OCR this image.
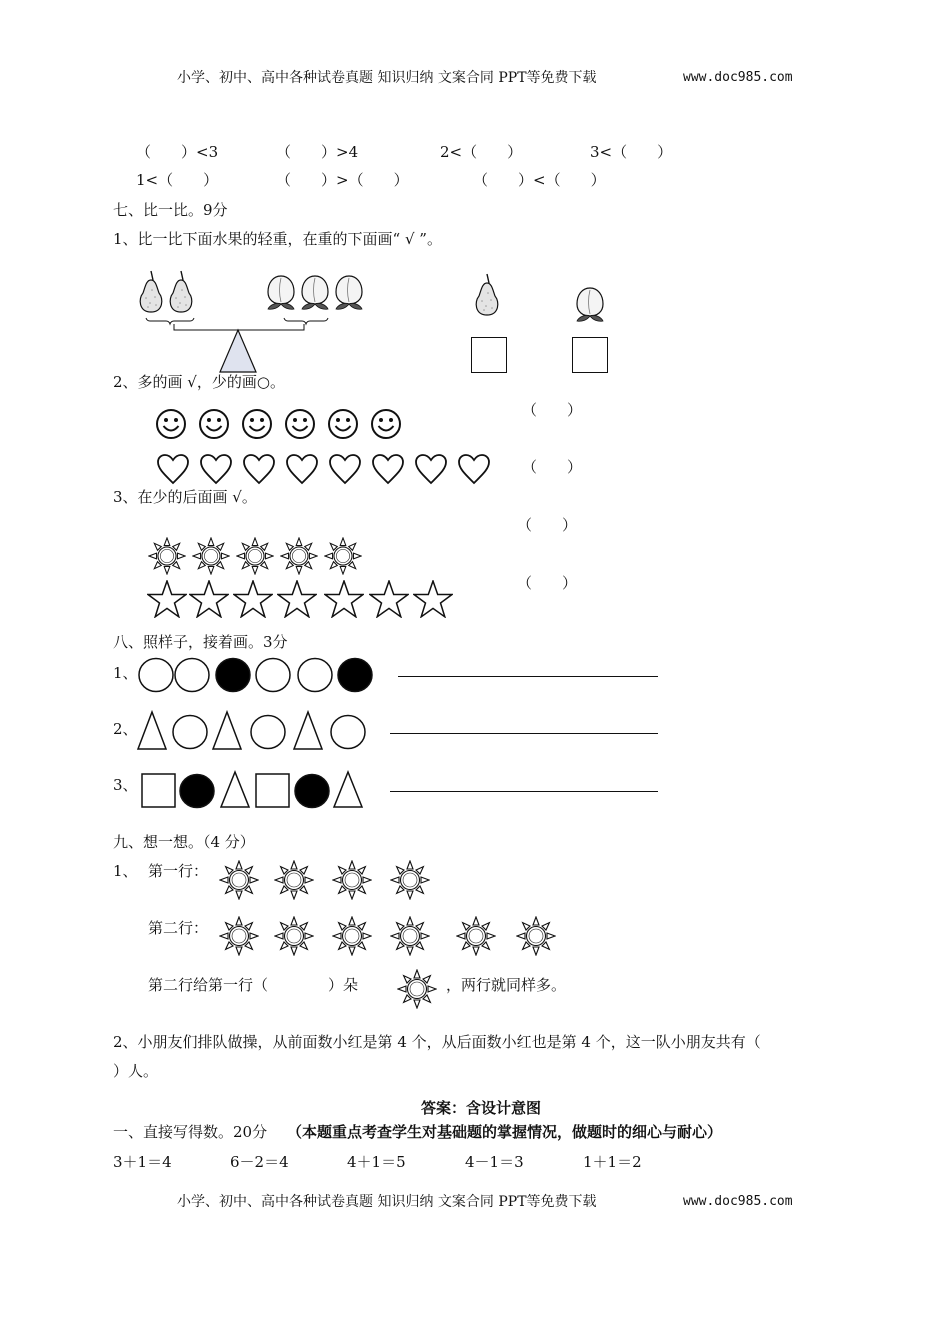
小学、初中、高中各种试卷真题 知识归纳 文案合同 PPT等免费下载	www.doc985.com
（　　）<3	（　　）>4	2<（　　）	3<（　　）
1<（　　）	（　　）>（　　）	（　　）<（　　）
七、比一比。9分
1、比一比下面水果的轻重，在重的下面画“ √ ”。
2、多的画 √，少的画○。
（　　）
（　　）
3、在少的后面画 √。
（　　）
（　　）
八、照样子，接着画。3分
1、
2、
3、
九、想一想。（4 分）
1、 第一行：
第二行：
第二行给第一行（　　　　）朵	，两行就同样多。
2、小朋友们排队做操，从前面数小红是第 4 个，从后面数小红也是第 4 个，这一队小朋友共有（
）人。
答案：含设计意图
一、直接写得数。20分 （本题重点考查学生对基础题的掌握情况，做题时的细心与耐心）
3＋1＝4	6－2＝4	4＋1＝5	4－1＝3	1＋1＝2
小学、初中、高中各种试卷真题 知识归纳 文案合同 PPT等免费下载	www.doc985.com
